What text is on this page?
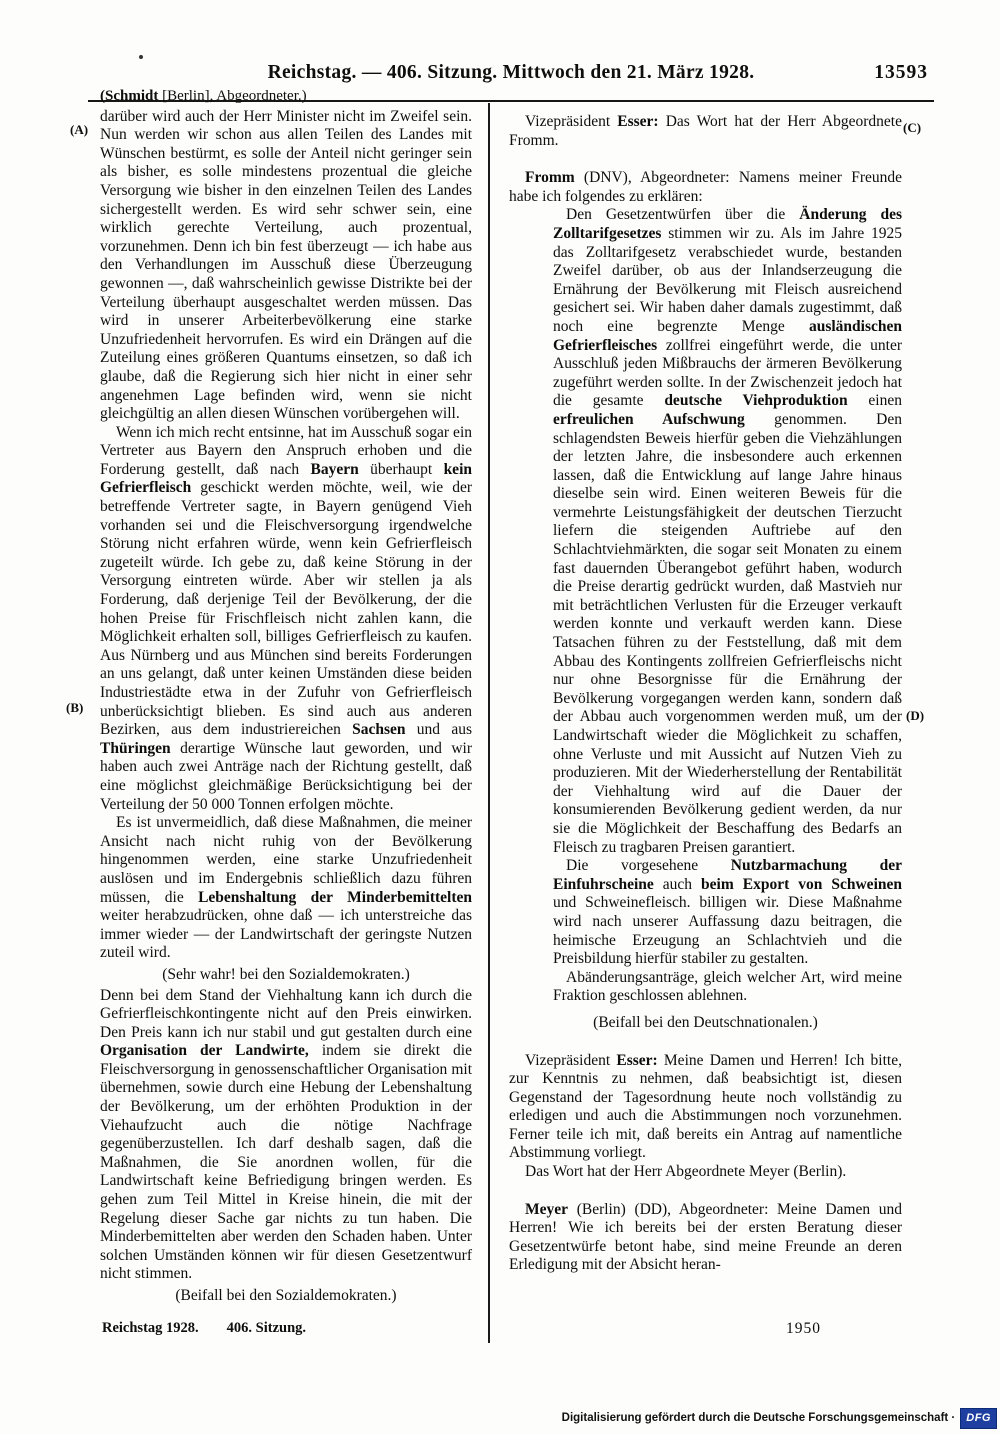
Reichstag. — 406. Sitzung. Mittwoch den 21. März 1928.	13593
(A)
(B)
(C)
(D)

(Schmidt [Berlin], Abgeordneter.)

darüber wird auch der Herr Minister nicht im Zweifel sein. Nun werden wir schon aus allen Teilen des Landes mit Wünschen bestürmt, es solle der Anteil nicht geringer sein als bisher, es solle mindestens prozentual die gleiche Versorgung wie bisher in den einzelnen Teilen des Landes sichergestellt werden. Es wird sehr schwer sein, eine wirklich gerechte Verteilung, auch prozentual, vorzunehmen. Denn ich bin fest überzeugt — ich habe aus den Verhandlungen im Ausschuß diese Überzeugung gewonnen —, daß wahrscheinlich gewisse Distrikte bei der Verteilung überhaupt ausgeschaltet werden müssen. Das wird in unserer Arbeiterbevölkerung eine starke Unzufriedenheit hervorrufen. Es wird ein Drängen auf die Zuteilung eines größeren Quantums einsetzen, so daß ich glaube, daß die Regierung sich hier nicht in einer sehr angenehmen Lage befinden wird, wenn sie nicht gleichgültig an allen diesen Wünschen vorübergehen will.

Wenn ich mich recht entsinne, hat im Ausschuß sogar ein Vertreter aus Bayern den Anspruch erhoben und die Forderung gestellt, daß nach Bayern überhaupt kein Gefrierfleisch geschickt werden möchte, weil, wie der betreffende Vertreter sagte, in Bayern genügend Vieh vorhanden sei und die Fleischversorgung irgendwelche Störung nicht erfahren würde, wenn kein Gefrierfleisch zugeteilt würde. Ich gebe zu, daß keine Störung in der Versorgung eintreten würde. Aber wir stellen ja als Forderung, daß derjenige Teil der Bevölkerung, der die hohen Preise für Frischfleisch nicht zahlen kann, die Möglichkeit erhalten soll, billiges Gefrierfleisch zu kaufen. Aus Nürnberg und aus München sind bereits Forderungen an uns gelangt, daß unter keinen Umständen diese beiden Industriestädte etwa in der Zufuhr von Gefrierfleisch unberücksichtigt blieben. Es sind auch aus anderen Bezirken, aus dem industriereichen Sachsen und aus Thüringen derartige Wünsche laut geworden, und wir haben auch zwei Anträge nach der Richtung gestellt, daß eine möglichst gleichmäßige Berücksichtigung bei der Verteilung der 50 000 Tonnen erfolgen möchte.

Es ist unvermeidlich, daß diese Maßnahmen, die meiner Ansicht nach nicht ruhig von der Bevölkerung hingenommen werden, eine starke Unzufriedenheit auslösen und im Endergebnis schließlich dazu führen müssen, die Lebenshaltung der Minderbemittelten weiter herabzudrücken, ohne daß — ich unterstreiche das immer wieder — der Landwirtschaft der geringste Nutzen zuteil wird.

(Sehr wahr! bei den Sozialdemokraten.)

Denn bei dem Stand der Viehhaltung kann ich durch die Gefrierfleischkontingente nicht auf den Preis einwirken. Den Preis kann ich nur stabil und gut gestalten durch eine Organisation der Landwirte, indem sie direkt die Fleischversorgung in genossenschaftlicher Organisation mit übernehmen, sowie durch eine Hebung der Lebenshaltung der Bevölkerung, um der erhöhten Produktion in der Viehaufzucht auch die nötige Nachfrage gegenüberzustellen. Ich darf deshalb sagen, daß die Maßnahmen, die Sie anordnen wollen, für die Landwirtschaft keine Befriedigung bringen werden. Es gehen zum Teil Mittel in Kreise hinein, die mit der Regelung dieser Sache gar nichts zu tun haben. Die Minderbemittelten aber werden den Schaden haben. Unter solchen Umständen können wir für diesen Gesetzentwurf nicht stimmen.

(Beifall bei den Sozialdemokraten.)

Vizepräsident Esser: Das Wort hat der Herr Abgeordnete Fromm.

Fromm (DNV), Abgeordneter: Namens meiner Freunde habe ich folgendes zu erklären:

Den Gesetzentwürfen über die Änderung des Zolltarifgesetzes stimmen wir zu. Als im Jahre 1925 das Zolltarifgesetz verabschiedet wurde, bestanden Zweifel darüber, ob aus der Inlandserzeugung die Ernährung der Bevölkerung mit Fleisch ausreichend gesichert sei. Wir haben daher damals zugestimmt, daß noch eine begrenzte Menge ausländischen Gefrierfleisches zollfrei eingeführt werde, die unter Ausschluß jeden Mißbrauchs der ärmeren Bevölkerung zugeführt werden sollte. In der Zwischenzeit jedoch hat die gesamte deutsche Viehproduktion einen erfreulichen Aufschwung genommen. Den schlagendsten Beweis hierfür geben die Viehzählungen der letzten Jahre, die insbesondere auch erkennen lassen, daß die Entwicklung auf lange Jahre hinaus dieselbe sein wird. Einen weiteren Beweis für die vermehrte Leistungsfähigkeit der deutschen Tierzucht liefern die steigenden Auftriebe auf den Schlachtviehmärkten, die sogar seit Monaten zu einem fast dauernden Überangebot geführt haben, wodurch die Preise derartig gedrückt wurden, daß Mastvieh nur mit beträchtlichen Verlusten für die Erzeuger verkauft werden konnte und verkauft werden kann. Diese Tatsachen führen zu der Feststellung, daß mit dem Abbau des Kontingents zollfreien Gefrierfleischs nicht nur ohne Besorgnisse für die Ernährung der Bevölkerung vorgegangen werden kann, sondern daß der Abbau auch vorgenommen werden muß, um der Landwirtschaft wieder die Möglichkeit zu schaffen, ohne Verluste und mit Aussicht auf Nutzen Vieh zu produzieren. Mit der Wiederherstellung der Rentabilität der Viehhaltung wird auf die Dauer der konsumierenden Bevölkerung gedient werden, da nur sie die Möglichkeit der Beschaffung des Bedarfs an Fleisch zu tragbaren Preisen garantiert.

Die vorgesehene Nutzbarmachung der Einfuhrscheine auch beim Export von Schweinen und Schweinefleisch. billigen wir. Diese Maßnahme wird nach unserer Auffassung dazu beitragen, die heimische Erzeugung an Schlachtvieh und die Preisbildung hierfür stabiler zu gestalten.

Abänderungsanträge, gleich welcher Art, wird meine Fraktion geschlossen ablehnen.

(Beifall bei den Deutschnationalen.)

Vizepräsident Esser: Meine Damen und Herren! Ich bitte, zur Kenntnis zu nehmen, daß beabsichtigt ist, diesen Gegenstand der Tagesordnung heute noch vollständig zu erledigen und auch die Abstimmungen noch vorzunehmen. Ferner teile ich mit, daß bereits ein Antrag auf namentliche Abstimmung vorliegt.

Das Wort hat der Herr Abgeordnete Meyer (Berlin).

Meyer (Berlin) (DD), Abgeordneter: Meine Damen und Herren! Wie ich bereits bei der ersten Beratung dieser Gesetzentwürfe betont habe, sind meine Freunde an deren Erledigung mit der Absicht heran-

Reichstag 1928. 406. Sitzung.	1950
Digitalisierung gefördert durch die Deutsche Forschungsgemeinschaft ·	DFG
